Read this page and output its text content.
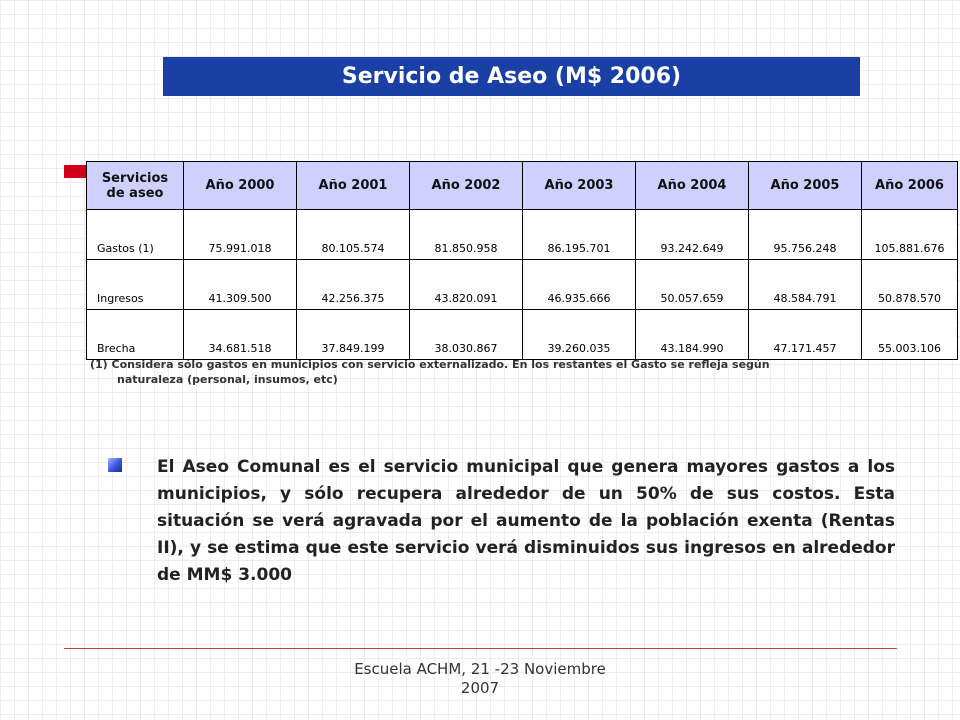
Servicio de Aseo (M$ 2006)
Servicios de aseo	Año 2000	Año 2001	Año 2002	Año 2003	Año 2004	Año 2005	Año 2006
Gastos (1)	75.991.018	80.105.574	81.850.958	86.195.701	93.242.649	95.756.248	105.881.676
Ingresos	41.309.500	42.256.375	43.820.091	46.935.666	50.057.659	48.584.791	50.878.570
Brecha	34.681.518	37.849.199	38.030.867	39.260.035	43.184.990	47.171.457	55.003.106
(1) Considera sólo gastos en municipios con servicio externalizado. En los restantes el Gasto se refleja según
naturaleza (personal, insumos, etc)
El Aseo Comunal es el servicio municipal que genera mayores gastos a los municipios, y sólo recupera alrededor de un 50% de sus costos. Esta situación se verá agravada por el aumento de la población exenta (Rentas II), y se estima que este servicio verá disminuidos sus ingresos en alrededor de MM$ 3.000
Escuela ACHM, 21 -23 Noviembre
2007
